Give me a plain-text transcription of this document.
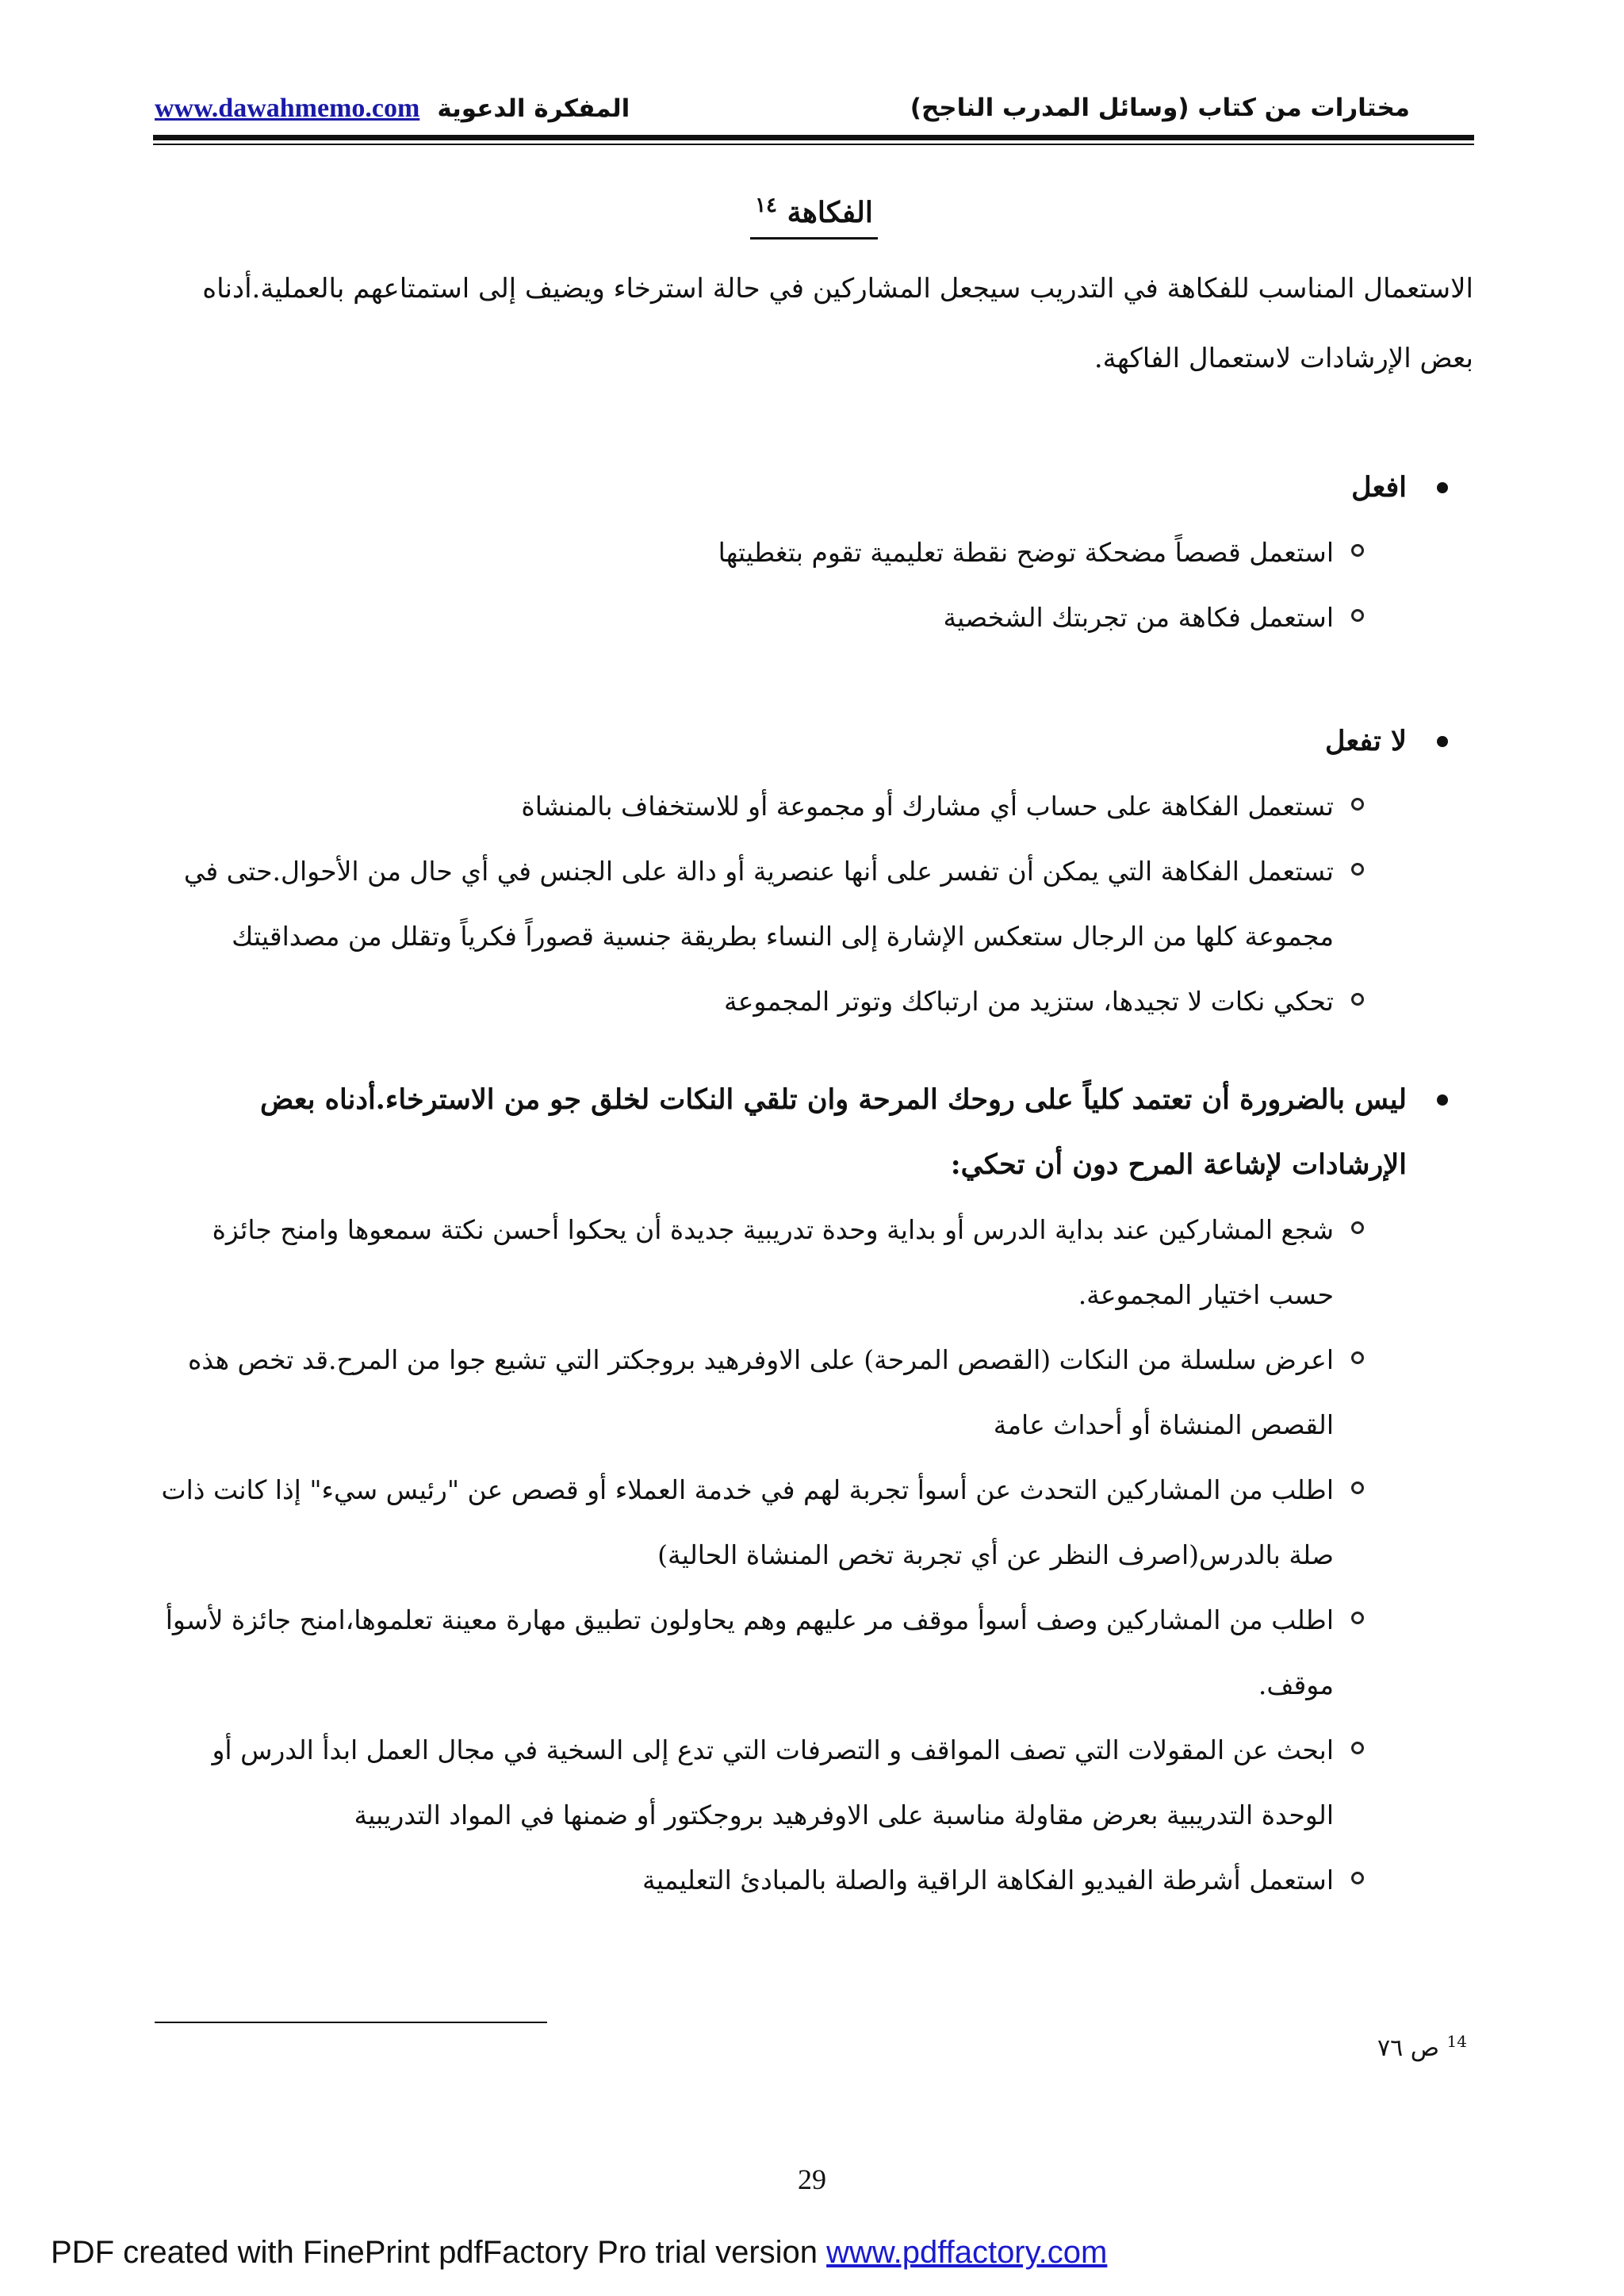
www.dawahmemo.com المفكرة الدعوية	مختارات من كتاب (وسائل المدرب الناجح)
الفكاهة $^{١٤}$

الاستعمال المناسب للفكاهة في التدريب سيجعل المشاركين في حالة استرخاء ويضيف إلى استمتاعهم بالعملية.أدناه بعض الإرشادات لاستعمال الفاكهة.

افعل
استعمل قصصاً مضحكة توضح نقطة تعليمية تقوم بتغطيتها
استعمل فكاهة من تجربتك الشخصية
لا تفعل
تستعمل الفكاهة على حساب أي مشارك أو مجموعة أو للاستخفاف بالمنشاة
تستعمل الفكاهة التي يمكن أن تفسر على أنها عنصرية أو دالة على الجنس في أي حال من الأحوال.حتى في مجموعة كلها من الرجال ستعكس الإشارة إلى النساء بطريقة جنسية قصوراً فكرياً وتقلل من مصداقيتك
تحكي نكات لا تجيدها، ستزيد من ارتباكك وتوتر المجموعة
ليس بالضرورة أن تعتمد كلياً على روحك المرحة وان تلقي النكات لخلق جو من الاسترخاء.أدناه بعض الإرشادات لإشاعة المرح دون أن تحكي:
شجع المشاركين عند بداية الدرس أو بداية وحدة تدريبية جديدة أن يحكوا أحسن نكتة سمعوها وامنح جائزة حسب اختيار المجموعة.
اعرض سلسلة من النكات (القصص المرحة) على الاوفرهيد بروجكتر التي تشيع جوا من المرح.قد تخص هذه القصص المنشاة أو أحداث عامة
اطلب من المشاركين التحدث عن أسوأ تجربة لهم في خدمة العملاء أو قصص عن "رئيس سيء" إذا كانت ذات صلة بالدرس(اصرف النظر عن أي تجربة تخص المنشاة الحالية)
اطلب من المشاركين وصف أسوأ موقف مر عليهم وهم يحاولون تطبيق مهارة معينة تعلموها،امنح جائزة لأسوأ موقف.
ابحث عن المقولات التي تصف المواقف و التصرفات التي تدع إلى السخية في مجال العمل ابدأ الدرس أو الوحدة التدريبية بعرض مقاولة مناسبة على الاوفرهيد بروجكتور أو ضمنها في المواد التدريبية
استعمل أشرطة الفيديو الفكاهة الراقية والصلة بالمبادئ التعليمية
$^{14}$ ص ٧٦
29
PDF created with FinePrint pdfFactory Pro trial version www.pdffactory.com
